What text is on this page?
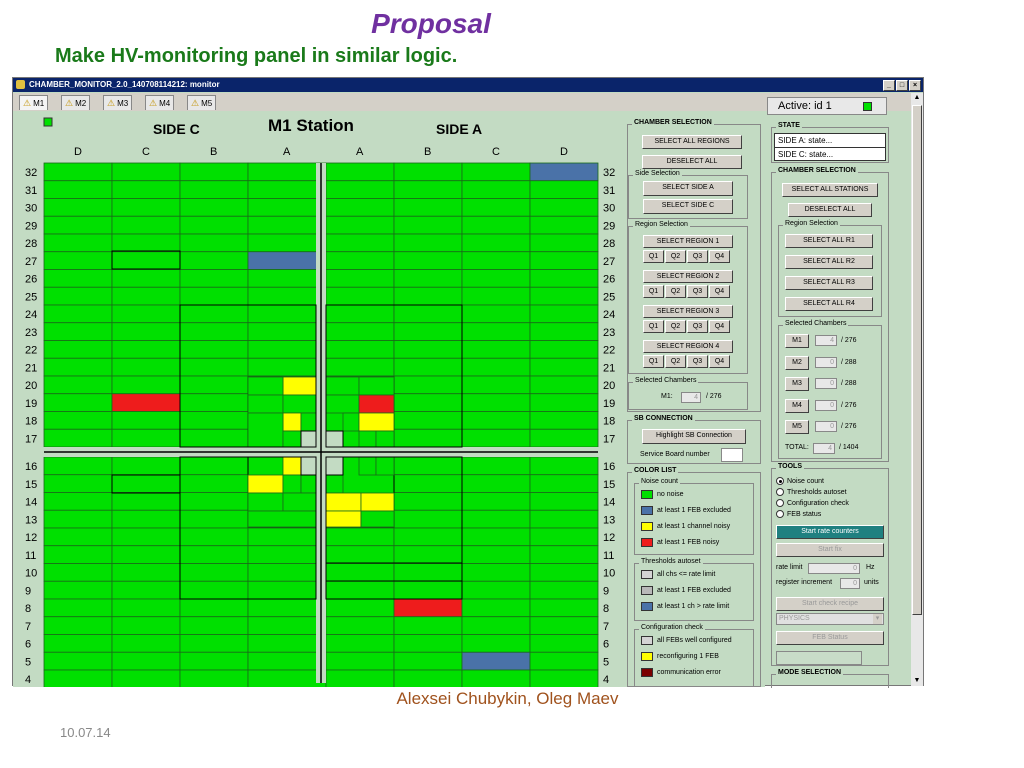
Proposal
Make HV-monitoring panel in similar logic.
CHAMBER_MONITOR_2.0_140708114212: monitor	_	□	×
⚠ M1	⚠ M2	⚠ M3	⚠ M4	⚠ M5
SIDE C	M1 Station	SIDE A
D	C	B	A	A	B	C	D
32	32
31	31
30	30
29	29
28	28
27	27
26	26
25	25
24	24
23	23
22	22
21	21
20	20
19	19
18	18
17	17
16	16
15	15
14	14
13	13
12	12
11	11
10	10
9	9
8	8
7	7
6	6
5	5
4	4
CHAMBER SELECTION
SELECT ALL REGIONS
DESELECT ALL
Side Selection
SELECT SIDE A
SELECT SIDE C
Region Selection
SELECT REGION 1
Q1	Q2	Q3	Q4
SELECT REGION 2
Q1	Q2	Q3	Q4
SELECT REGION 3
Q1	Q2	Q3	Q4
SELECT REGION 4
Q1	Q2	Q3	Q4
Selected Chambers
M1:	4	/ 276
SB CONNECTION
Highlight SB Connection
Service Board number
COLOR LIST
Noise count
no noise
at least 1 FEB excluded
at least 1 channel noisy
at least 1 FEB noisy
Thresholds autoset
all chs <= rate limit
at least 1 FEB excluded
at least 1 ch > rate limit
Configuration check
all FEBs well configured
reconfiguring 1 FEB
communication error
Active: id 1
STATE
SIDE A: state...
SIDE C: state...
CHAMBER SELECTION
SELECT ALL STATIONS
DESELECT ALL
Region Selection
SELECT ALL R1
SELECT ALL R2
SELECT ALL R3
SELECT ALL R4
Selected Chambers
M1	4	/ 276
M2	0	/ 288
M3	0	/ 288
M4	0	/ 276
M5	0	/ 276
TOTAL:	4	/ 1404
TOOLS
Noise count
Thresholds autoset
Configuration check
FEB status
Start rate counters
Start fix
rate limit	0	Hz
register increment	0	units
Start check recipe
PHYSICS	▾
FEB Status
MODE SELECTION
▲
▼
Alexsei Chubykin, Oleg Maev
10.07.14
